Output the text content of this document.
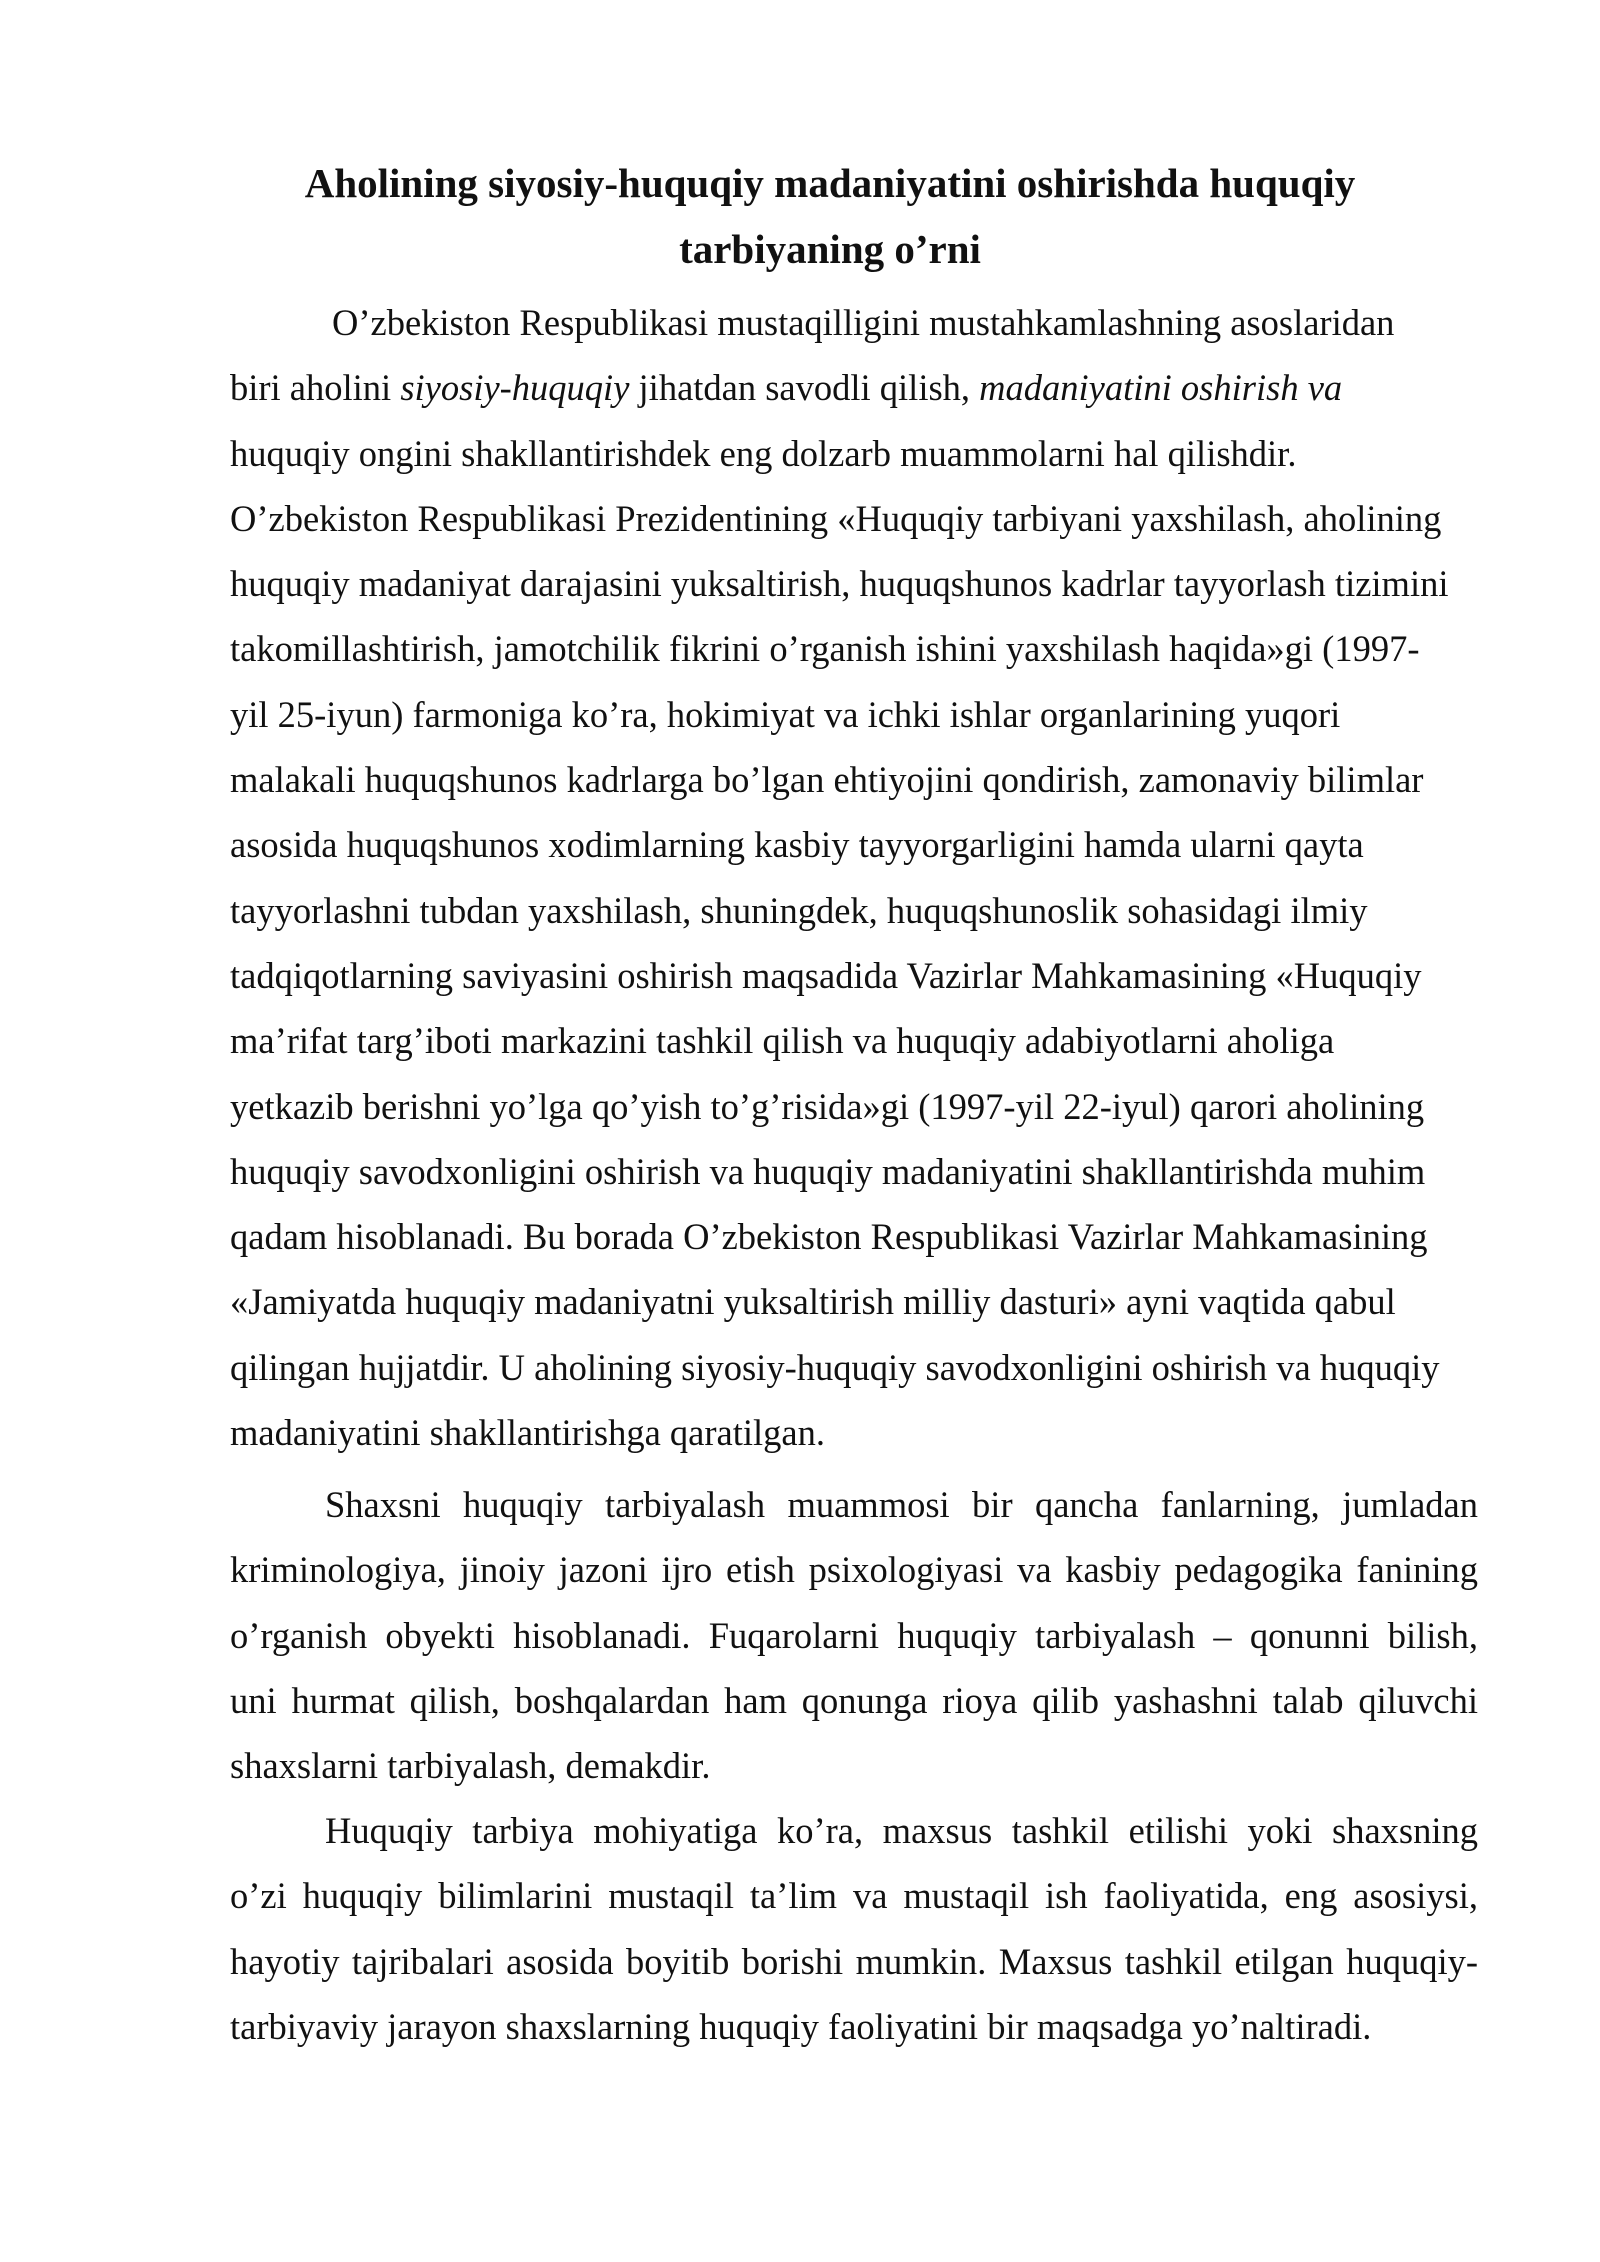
Aholining siyosiy-huquqiy madaniyatini oshirishda huquqiy
tarbiyaning o’rni
O’zbekiston Respublikasi mustaqilligini mustahkamlashning asoslaridan
biri aholini siyosiy-huquqiy jihatdan savodli qilish, madaniyatini oshirish va
huquqiy ongini shakllantirishdek eng dolzarb muammolarni hal qilishdir.
O’zbekiston Respublikasi Prezidentining «Huquqiy tarbiyani yaxshilash, aholining
huquqiy madaniyat darajasini yuksaltirish, huquqshunos kadrlar tayyorlash tizimini
takomillashtirish, jamotchilik fikrini o’rganish ishini yaxshilash haqida»gi (1997-
yil 25-iyun) farmoniga ko’ra, hokimiyat va ichki ishlar organlarining yuqori
malakali huquqshunos kadrlarga bo’lgan ehtiyojini qondirish, zamonaviy bilimlar
asosida huquqshunos xodimlarning kasbiy tayyorgarligini hamda ularni qayta
tayyorlashni tubdan yaxshilash, shuningdek, huquqshunoslik sohasidagi ilmiy
tadqiqotlarning saviyasini oshirish maqsadida Vazirlar Mahkamasining «Huquqiy
ma’rifat targ’iboti markazini tashkil qilish va huquqiy adabiyotlarni aholiga
yetkazib berishni yo’lga qo’yish to’g’risida»gi (1997-yil 22-iyul) qarori aholining
huquqiy savodxonligini oshirish va huquqiy madaniyatini shakllantirishda muhim
qadam hisoblanadi. Bu borada O’zbekiston Respublikasi Vazirlar Mahkamasining
«Jamiyatda huquqiy madaniyatni yuksaltirish milliy dasturi» ayni vaqtida qabul
qilingan hujjatdir. U aholining siyosiy-huquqiy savodxonligini oshirish va huquqiy
madaniyatini shakllantirishga qaratilgan.
Shaxsni huquqiy tarbiyalash muammosi bir qancha fanlarning, jumladan
kriminologiya, jinoiy jazoni ijro etish psixologiyasi va kasbiy pedagogika fanining
o’rganish obyekti hisoblanadi. Fuqarolarni huquqiy tarbiyalash – qonunni bilish,
uni hurmat qilish, boshqalardan ham qonunga rioya qilib yashashni talab qiluvchi
shaxslarni tarbiyalash, demakdir.
Huquqiy tarbiya mohiyatiga ko’ra, maxsus tashkil etilishi yoki shaxsning
o’zi huquqiy bilimlarini mustaqil ta’lim va mustaqil ish faoliyatida, eng asosiysi,
hayotiy tajribalari asosida boyitib borishi mumkin. Maxsus tashkil etilgan huquqiy-
tarbiyaviy jarayon shaxslarning huquqiy faoliyatini bir maqsadga yo’naltiradi.
